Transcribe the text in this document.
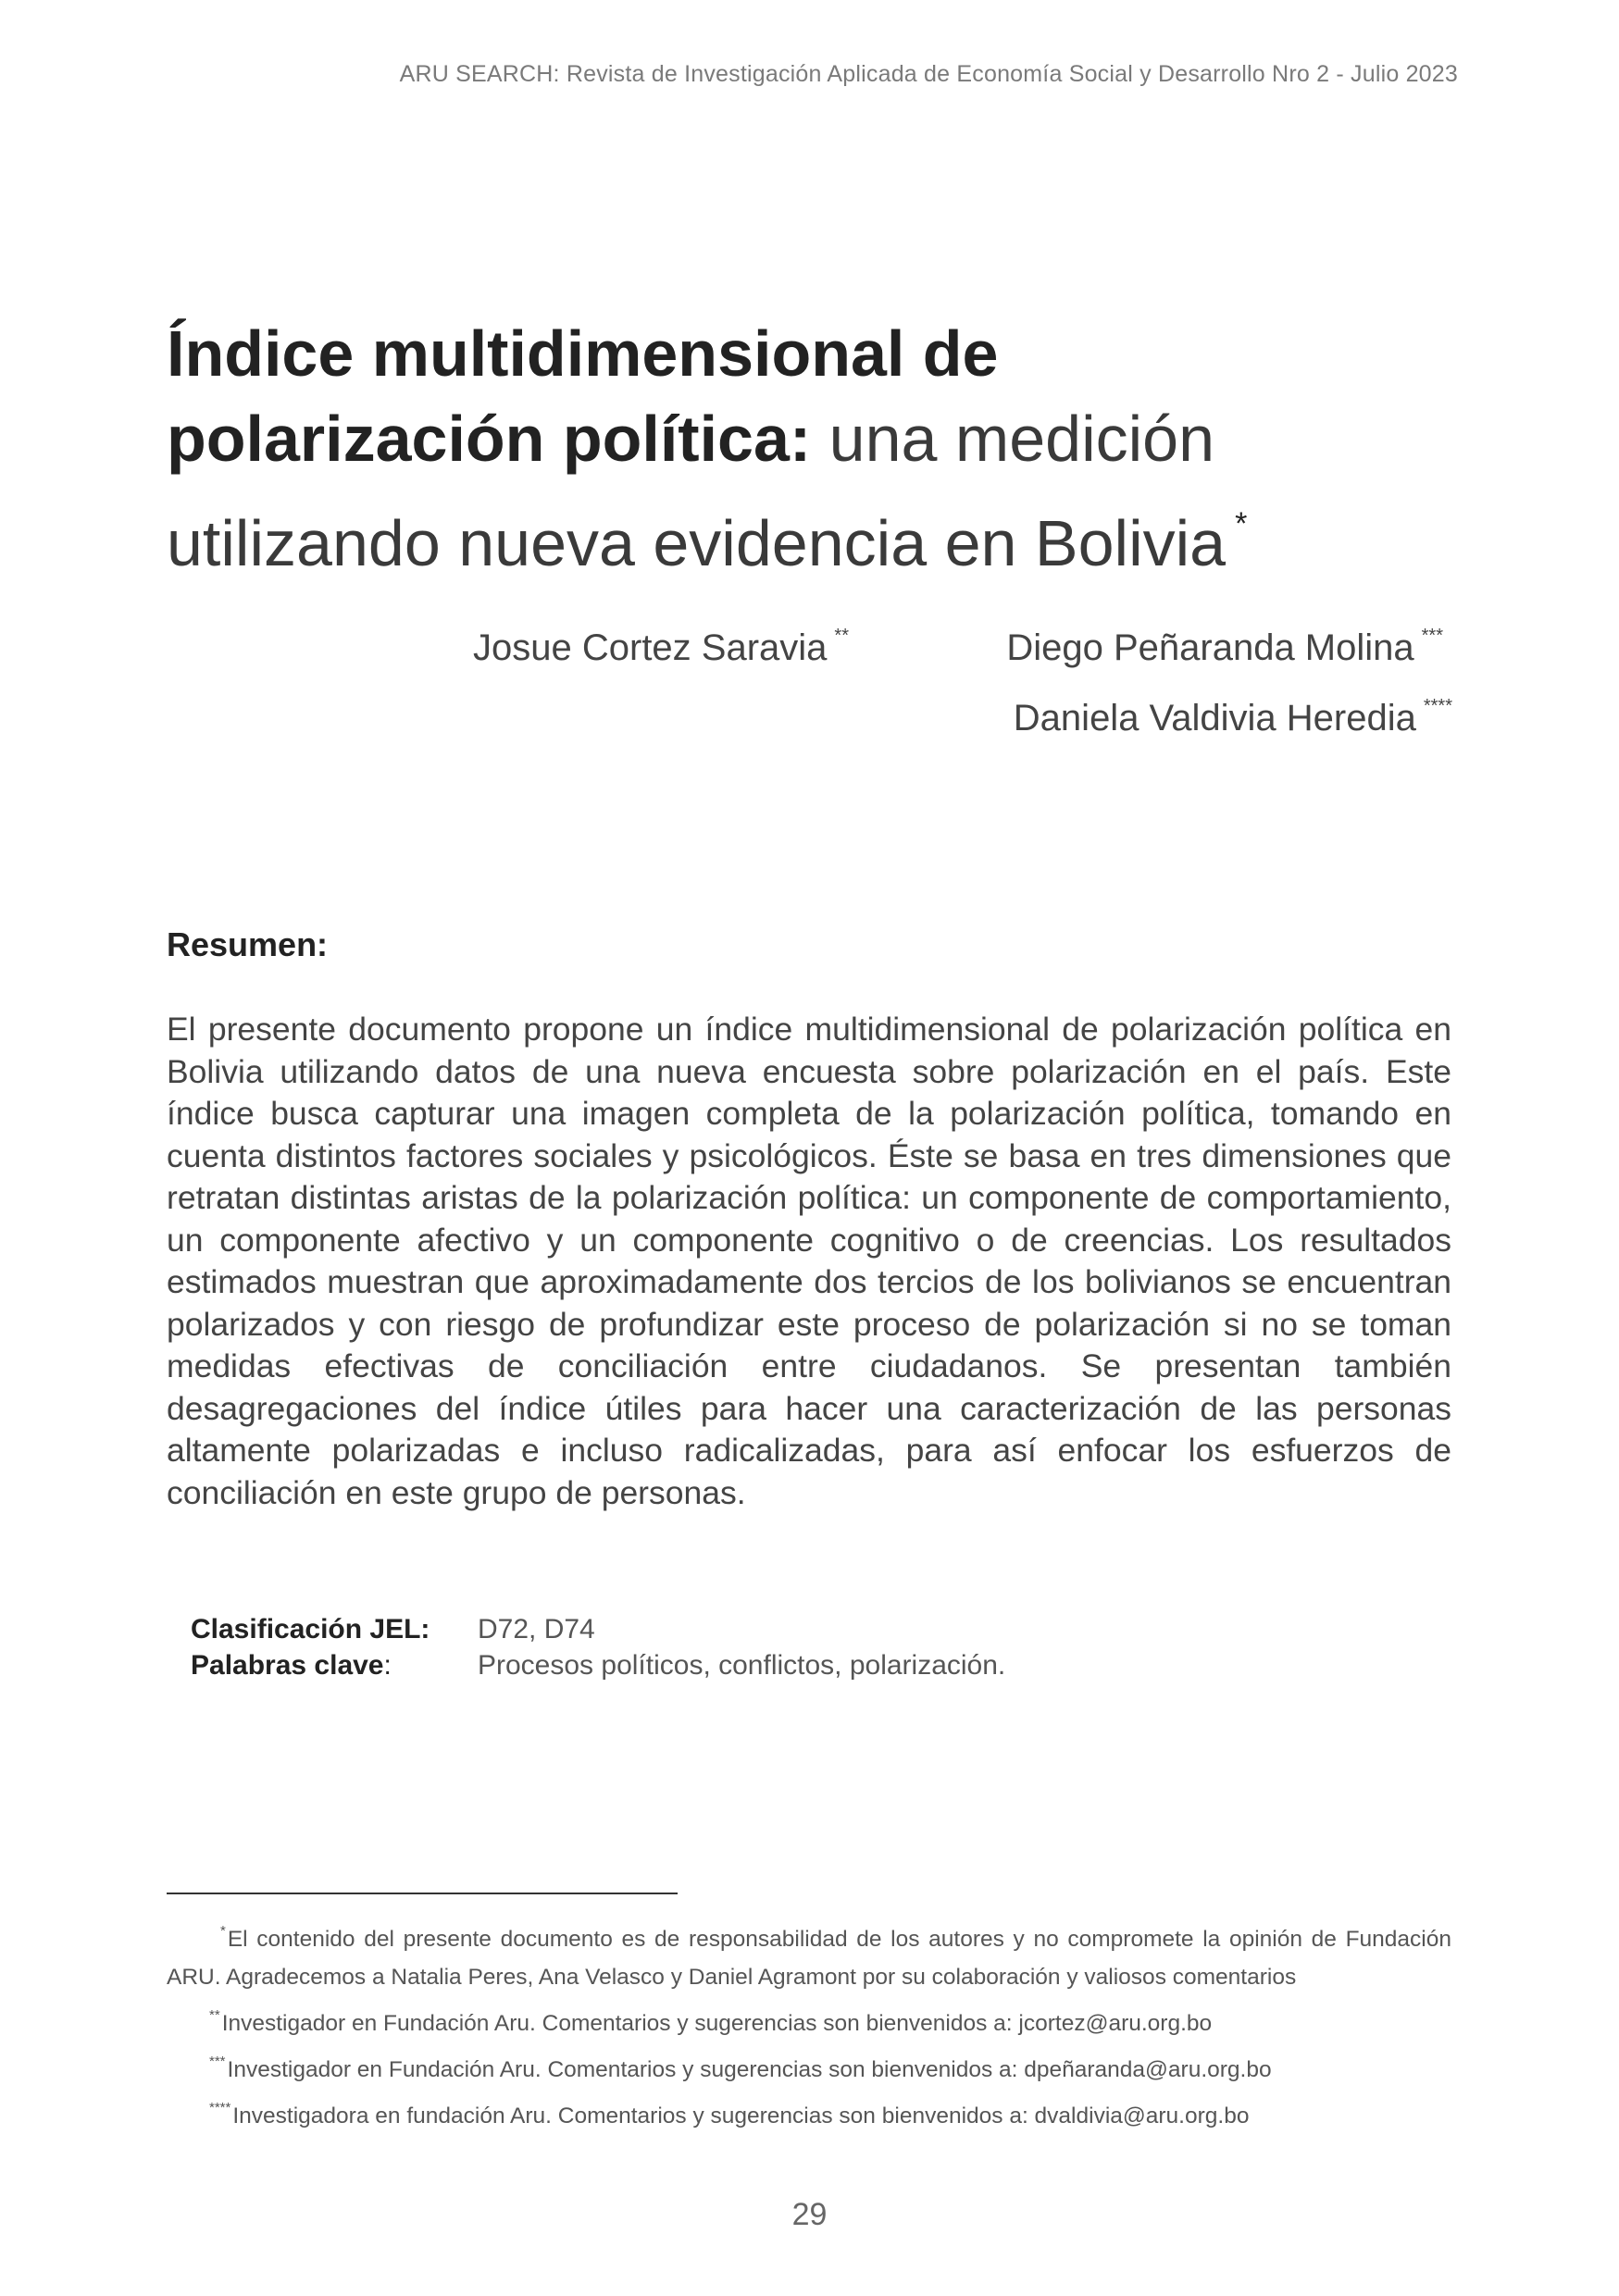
ARU SEARCH: Revista de Investigación Aplicada de Economía Social y Desarrollo Nro 2 - Julio 2023
Índice multidimensional de
polarización política: una medición
utilizando nueva evidencia en Bolivia *
Josue Cortez Saravia **	Diego Peñaranda Molina ***
Daniela Valdivia Heredia ****
Resumen:

El presente documento propone un índice multidimensional de polarización política en Bolivia utilizando datos de una nueva encuesta sobre polarización en el país. Este índice busca capturar una imagen completa de la polarización política, tomando en cuenta distintos factores sociales y psicológicos. Éste se basa en tres dimensiones que retratan distintas aristas de la polarización política: un componente de comportamiento, un componente afectivo y un componente cognitivo o de creencias. Los resultados estimados muestran que aproximadamente dos tercios de los bolivianos se encuentran polarizados y con riesgo de profundizar este proceso de polarización si no se toman medidas efectivas de conciliación entre ciudadanos. Se presentan también desagregaciones del índice útiles para hacer una caracterización de las personas altamente polarizadas e incluso radicalizadas, para así enfocar los esfuerzos de conciliación en este grupo de personas.

Clasificación JEL: D72, D74
Palabras clave:	Procesos políticos, conflictos, polarización.

*El contenido del presente documento es de responsabilidad de los autores y no compromete la opinión de Fundación ARU. Agradecemos a Natalia Peres, Ana Velasco y Daniel Agramont por su colaboración y valiosos comentarios

**Investigador en Fundación Aru. Comentarios y sugerencias son bienvenidos a: jcortez@aru.org.bo

***Investigador en Fundación Aru. Comentarios y sugerencias son bienvenidos a: dpeñaranda@aru.org.bo

****Investigadora en fundación Aru. Comentarios y sugerencias son bienvenidos a: dvaldivia@aru.org.bo

29
